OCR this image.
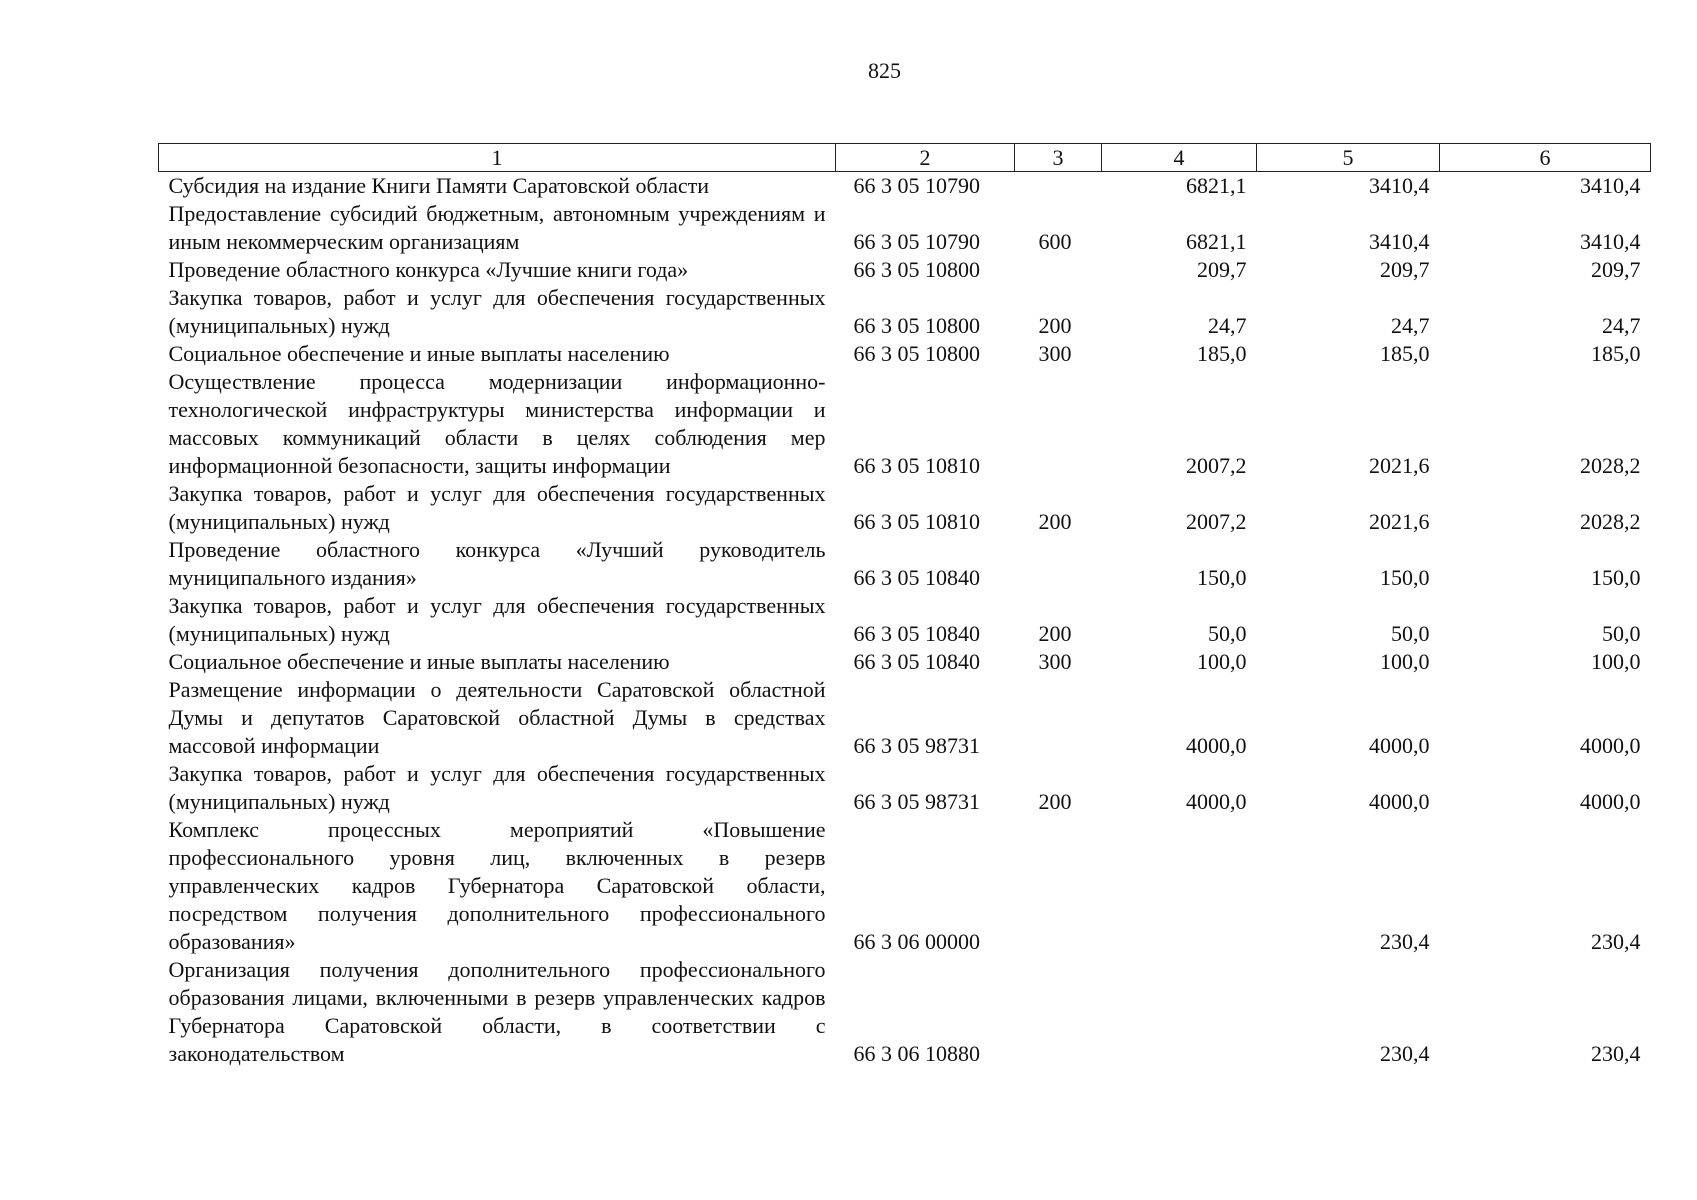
825
1	2	3	4	5	6
Субсидия на издание Книги Памяти Саратовской области	66 3 05 10790		6821,1	3410,4	3410,4
Предоставление субсидий бюджетным, автономным учреждениям и иным некоммерческим организациям	66 3 05 10790	600	6821,1	3410,4	3410,4
Проведение областного конкурса «Лучшие книги года»	66 3 05 10800		209,7	209,7	209,7
Закупка товаров, работ и услуг для обеспечения государственных (муниципальных) нужд	66 3 05 10800	200	24,7	24,7	24,7
Социальное обеспечение и иные выплаты населению	66 3 05 10800	300	185,0	185,0	185,0
Осуществление процесса модернизации информационно-технологической инфраструктуры министерства информации и массовых коммуникаций области в целях соблюдения мер информационной безопасности, защиты информации	66 3 05 10810		2007,2	2021,6	2028,2
Закупка товаров, работ и услуг для обеспечения государственных (муниципальных) нужд	66 3 05 10810	200	2007,2	2021,6	2028,2
Проведение областного конкурса «Лучший руководитель муниципального издания»	66 3 05 10840		150,0	150,0	150,0
Закупка товаров, работ и услуг для обеспечения государственных (муниципальных) нужд	66 3 05 10840	200	50,0	50,0	50,0
Социальное обеспечение и иные выплаты населению	66 3 05 10840	300	100,0	100,0	100,0
Размещение информации о деятельности Саратовской областной Думы и депутатов Саратовской областной Думы в средствах массовой информации	66 3 05 98731		4000,0	4000,0	4000,0
Закупка товаров, работ и услуг для обеспечения государственных (муниципальных) нужд	66 3 05 98731	200	4000,0	4000,0	4000,0
Комплекс процессных мероприятий «Повышение профессионального уровня лиц, включенных в резерв управленческих кадров Губернатора Саратовской области, посредством получения дополнительного профессионального образования»	66 3 06 00000			230,4	230,4
Организация получения дополнительного профессионального образования лицами, включенными в резерв управленческих кадров Губернатора Саратовской области, в соответствии с законодательством	66 3 06 10880			230,4	230,4
